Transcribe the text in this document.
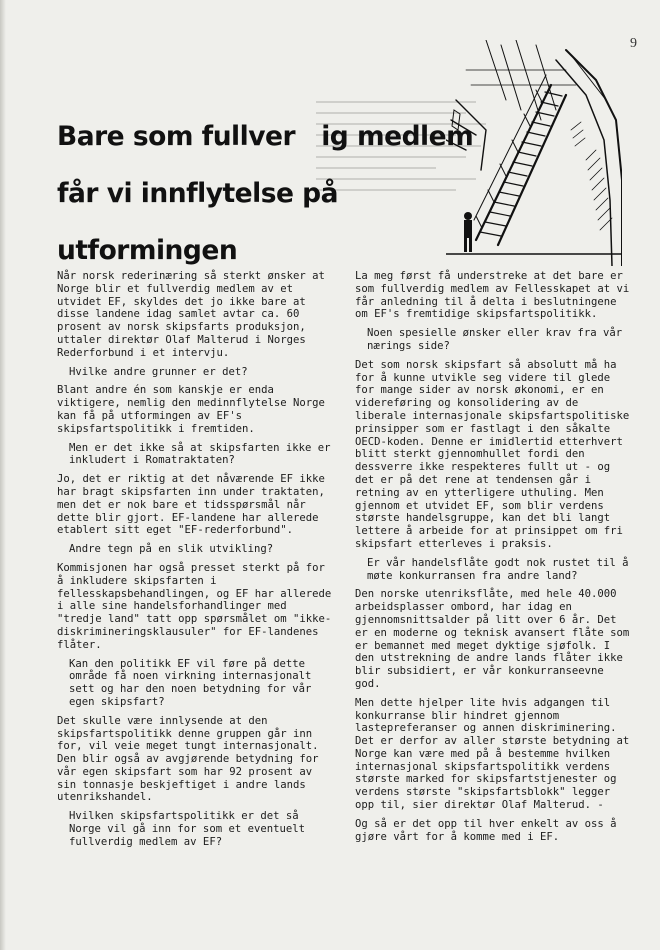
9
Bare som fullver   ig medlem
får vi innflytelse på
utformingen
Når norsk rederinæring så sterkt ønsker at Norge blir et fullverdig medlem av et utvidet EF, skyldes det jo ikke bare at disse landene idag samlet avtar ca. 60 prosent av norsk skipsfarts produksjon, uttaler direktør Olaf Malterud i Norges Rederforbund i et intervju.
Hvilke andre grunner er det?
Blant andre én som kanskje er enda viktigere, nemlig den medinnflytelse Norge kan få på utformingen av EF's skipsfartspolitikk i fremtiden.
Men er det ikke så at skipsfarten ikke er inkludert i Romatraktaten?
Jo, det er riktig at det nåværende EF ikke har bragt skipsfarten inn under traktaten, men det er nok bare et tidsspørsmål når dette blir gjort. EF-landene har allerede etablert sitt eget "EF-rederforbund".
Andre tegn på en slik utvikling?
Kommisjonen har også presset sterkt på for å inkludere skipsfarten i fellesskapsbehandlingen, og EF har allerede i alle sine handelsforhandlinger med "tredje land" tatt opp spørsmålet om "ikke-diskrimineringsklausuler" for EF-landenes flåter.
Kan den politikk EF vil føre på dette område få noen virkning internasjonalt sett og har den noen betydning for vår egen skipsfart?
Det skulle være innlysende at den skipsfartspolitikk denne gruppen går inn for, vil veie meget tungt internasjonalt. Den blir også av avgjørende betydning for vår egen skipsfart som har 92 prosent av sin tonnasje beskjeftiget i andre lands utenrikshandel.
Hvilken skipsfartspolitikk er det så Norge vil gå inn for som et eventuelt fullverdig medlem av EF?
La meg først få understreke at det bare er som fullverdig medlem av Fellesskapet at vi får anledning til å delta i beslutningene om EF's fremtidige skipsfartspolitikk.
Noen spesielle ønsker eller krav fra vår nærings side?
Det som norsk skipsfart så absolutt må ha for å kunne utvikle seg videre til glede for mange sider av norsk økonomi, er en videreføring og konsolidering av de liberale internasjonale skipsfartspolitiske prinsipper som er fastlagt i den såkalte OECD-koden. Denne er imidlertid etterhvert blitt sterkt gjennomhullet fordi den dessverre ikke respekteres fullt ut - og det er på det rene at tendensen går i retning av en ytterligere uthuling. Men gjennom et utvidet EF, som blir verdens største handelsgruppe, kan det bli langt lettere å arbeide for at prinsippet om fri skipsfart etterleves i praksis.
Er vår handelsflåte godt nok rustet til å møte konkurransen fra andre land?
Den norske utenriksflåte, med hele 40.000 arbeidsplasser ombord, har idag en gjennomsnittsalder på litt over 6 år. Det er en moderne og teknisk avansert flåte som er bemannet med meget dyktige sjøfolk. I den utstrekning de andre lands flåter ikke blir subsidiert, er vår konkurranseevne god.
Men dette hjelper lite hvis adgangen til konkurranse blir hindret gjennom lastepreferanser og annen diskriminering. Det er derfor av aller største betydning at Norge kan være med på å bestemme hvilken internasjonal skipsfartspolitikk verdens største marked for skipsfartstjenester og verdens største "skipsfartsblokk" legger opp til, sier direktør Olaf Malterud. -
Og så er det opp til hver enkelt av oss å gjøre vårt for å komme med i EF.
